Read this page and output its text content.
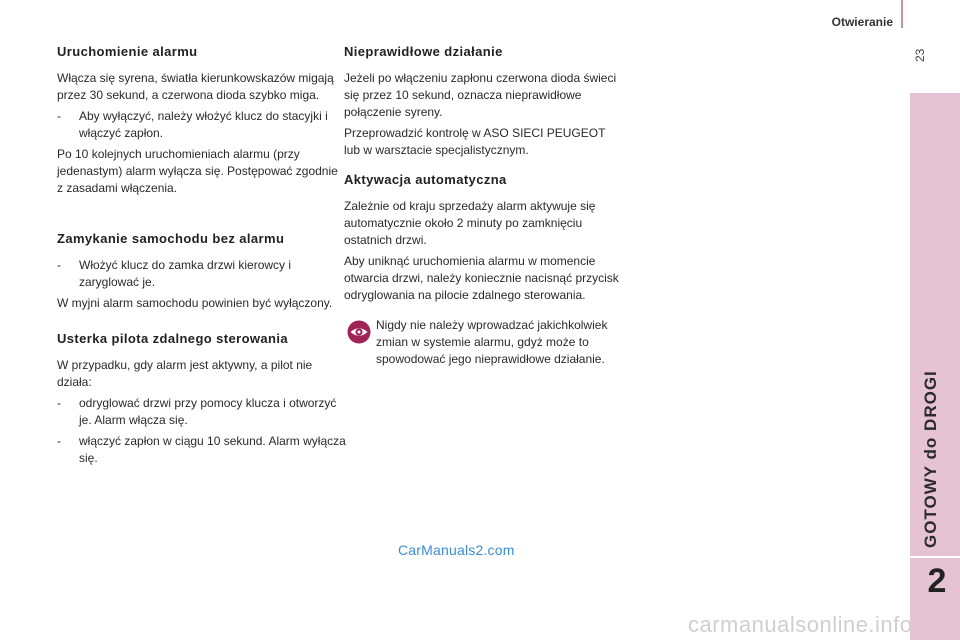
Otwieranie
23
GOTOWY do DROGI
2
Uruchomienie alarmu

Włącza się syrena, światła kierunkowskazów migają przez 30 sekund, a czerwona dioda szybko miga.

- Aby wyłączyć, należy włożyć klucz do stacyjki i włączyć zapłon.

Po 10 kolejnych uruchomieniach alarmu (przy jedenastym) alarm wyłącza się. Postępować zgodnie z zasadami włączenia.

Zamykanie samochodu bez alarmu
- Włożyć klucz do zamka drzwi kierowcy i zaryglować je.

W myjni alarm samochodu powinien być wyłączony.

Usterka pilota zdalnego sterowania

W przypadku, gdy alarm jest aktywny, a pilot nie działa:

- odryglować drzwi przy pomocy klucza i otworzyć je. Alarm włącza się.
- włączyć zapłon w ciągu 10 sekund. Alarm wyłącza się.
Nieprawidłowe działanie

Jeżeli po włączeniu zapłonu czerwona dioda świeci się przez 10 sekund, oznacza nieprawidłowe połączenie syreny.

Przeprowadzić kontrolę w ASO SIECI PEUGEOT lub w warsztacie specjalistycznym.

Aktywacja automatyczna

Zależnie od kraju sprzedaży alarm aktywuje się automatycznie około 2 minuty po zamknięciu ostatnich drzwi.

Aby uniknąć uruchomienia alarmu w momencie otwarcia drzwi, należy koniecznie nacisnąć przycisk odryglowania na pilocie zdalnego sterowania.

Nigdy nie należy wprowadzać jakichkolwiek zmian w systemie alarmu, gdyż może to spowodować jego nieprawidłowe działanie.
CarManuals2.com
carmanualsonline.info
